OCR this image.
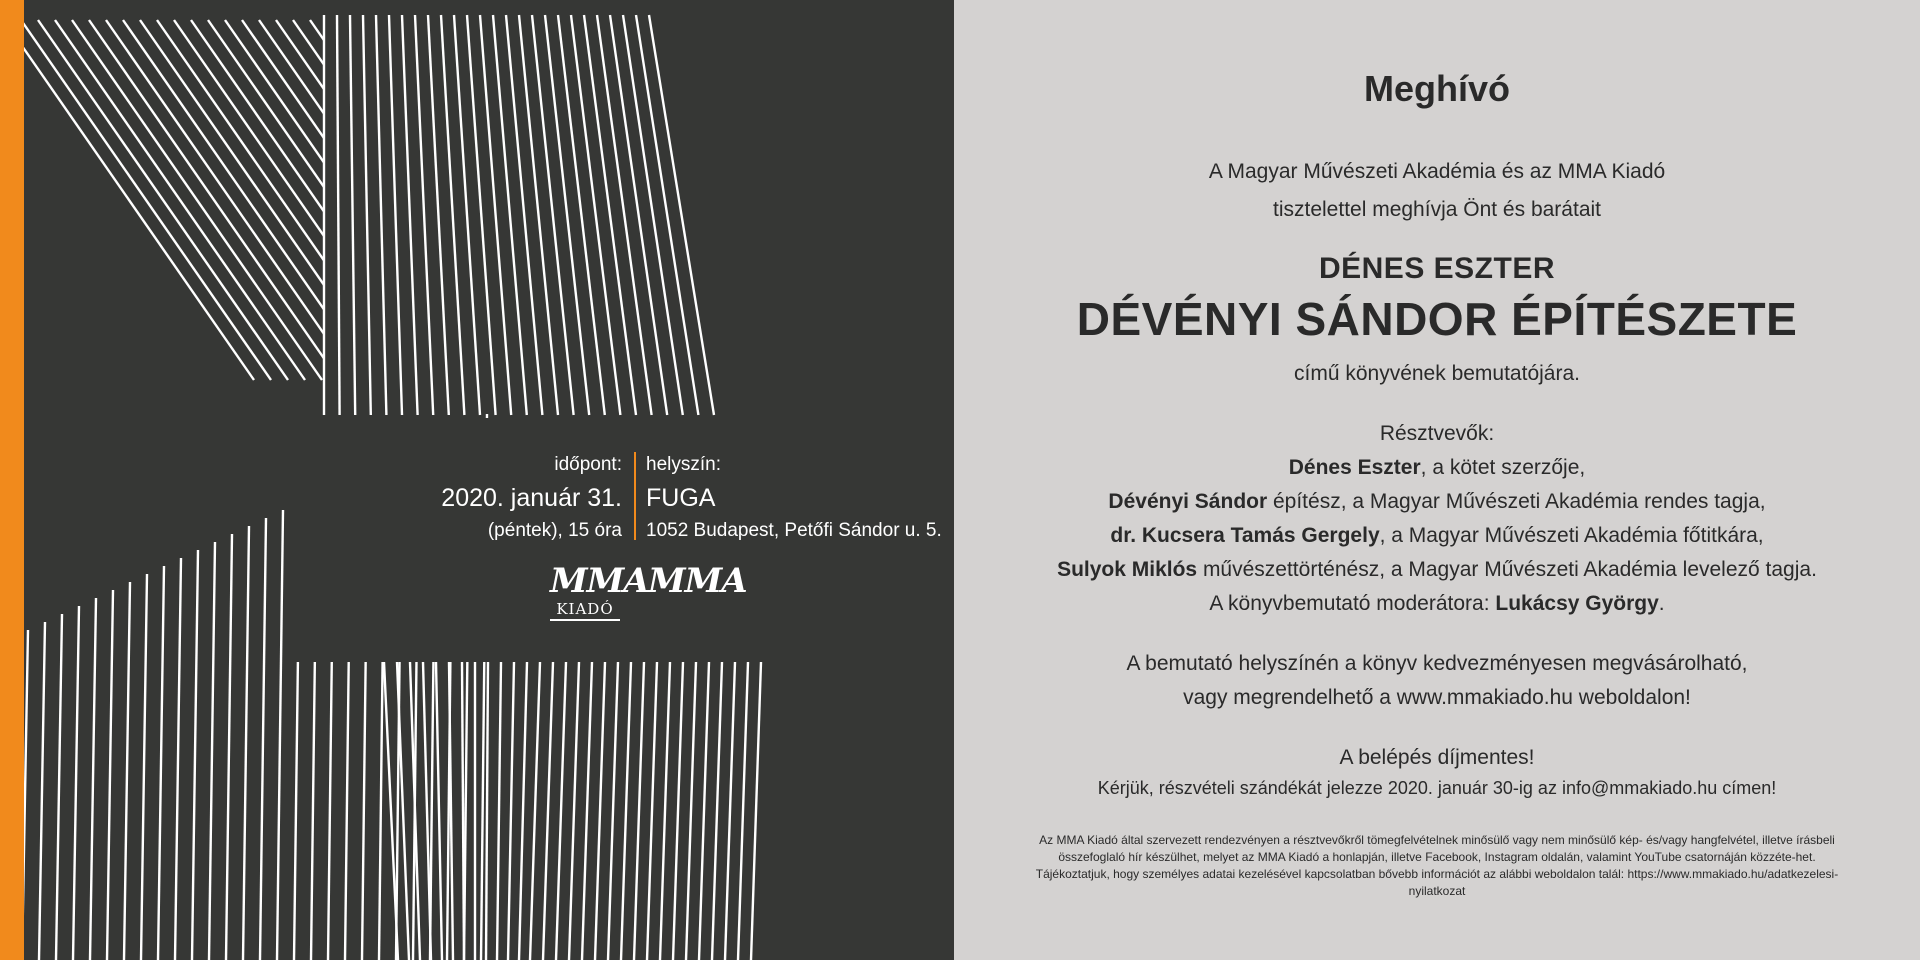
időpont:
2020. január 31.
(péntek), 15 óra
helyszín:
FUGA
1052 Budapest, Petőfi Sándor u. 5.
MMA
KIADÓ
MMA
Meghívó
A Magyar Művészeti Akadémia és az MMA Kiadó
tisztelettel meghívja Önt és barátait
DÉNES ESZTER
DÉVÉNYI SÁNDOR ÉPÍTÉSZETE
című könyvének bemutatójára.
Résztvevők:
Dénes Eszter, a kötet szerzője,
Dévényi Sándor építész, a Magyar Művészeti Akadémia rendes tagja,
dr. Kucsera Tamás Gergely, a Magyar Művészeti Akadémia főtitkára,
Sulyok Miklós művészettörténész, a Magyar Művészeti Akadémia levelező tagja.
A könyvbemutató moderátora: Lukácsy György.
A bemutató helyszínén a könyv kedvezményesen megvásárolható,
vagy megrendelhető a www.mmakiado.hu weboldalon!
A belépés díjmentes!
Kérjük, részvételi szándékát jelezze 2020. január 30-ig az info@mmakiado.hu címen!
Az MMA Kiadó által szervezett rendezvényen a résztvevőkről tömegfelvételnek minősülő vagy nem minősülő kép- és/vagy hangfelvétel, illetve írásbeli összefoglaló hír készülhet, melyet az MMA Kiadó a honlapján, illetve Facebook, Instagram oldalán, valamint YouTube csatornáján közzéte-het. Tájékoztatjuk, hogy személyes adatai kezelésével kapcsolatban bővebb információt az alábbi weboldalon talál: https://www.mmakiado.hu/adatkezelesi-nyilatkozat
